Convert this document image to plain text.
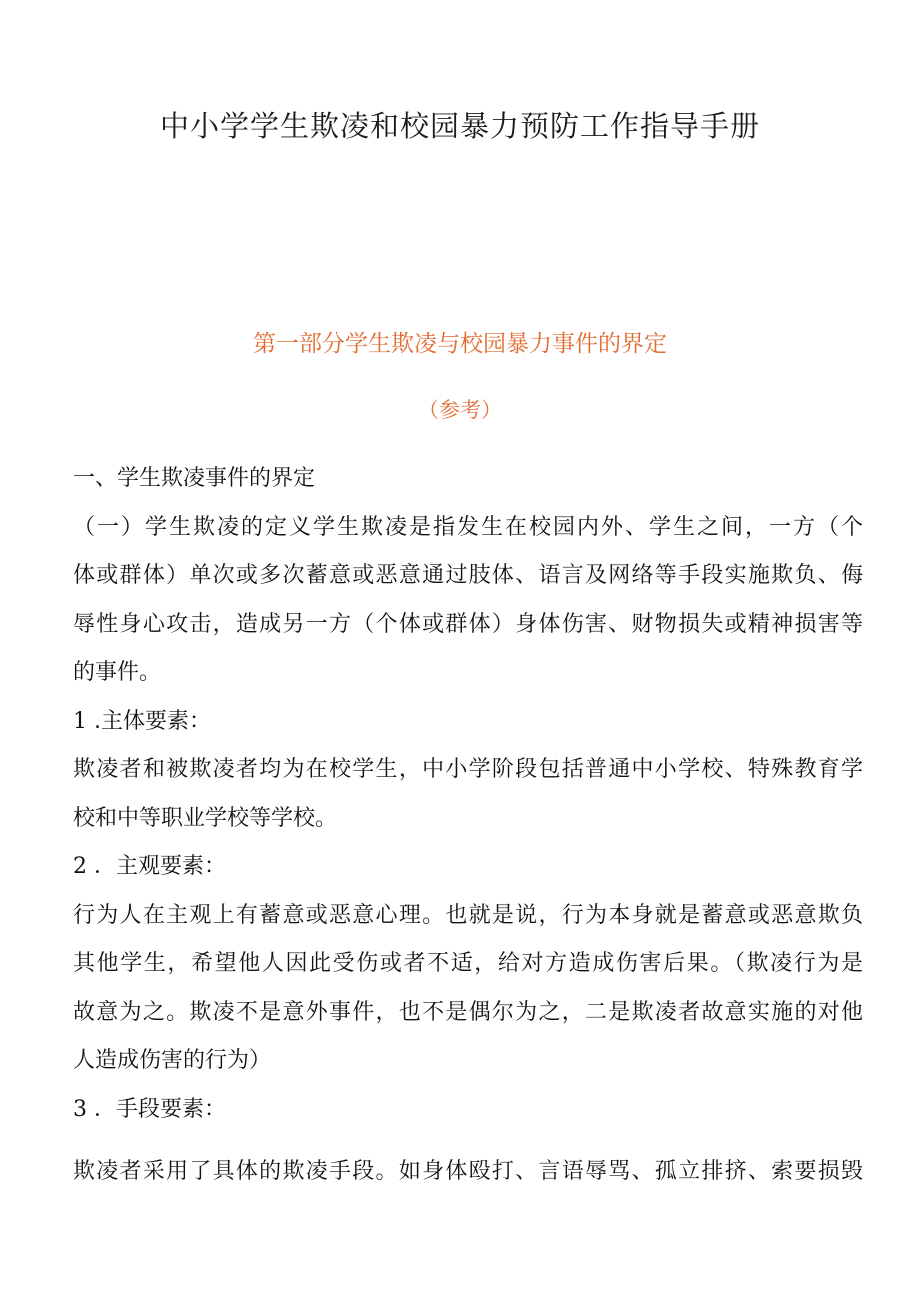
中小学学生欺凌和校园暴力预防工作指导手册
第一部分学生欺凌与校园暴力事件的界定
（参考）
一、学生欺凌事件的界定
（一）学生欺凌的定义学生欺凌是指发生在校园内外、学生之间，一方（个
体或群体）单次或多次蓄意或恶意通过肢体、语言及网络等手段实施欺负、侮
辱性身心攻击，造成另一方（个体或群体）身体伤害、财物损失或精神损害等
的事件。
1 .主体要素：
欺凌者和被欺凌者均为在校学生，中小学阶段包括普通中小学校、特殊教育学
校和中等职业学校等学校。
2 ．主观要素：
行为人在主观上有蓄意或恶意心理。也就是说，行为本身就是蓄意或恶意欺负
其他学生，希望他人因此受伤或者不适，给对方造成伤害后果。（欺凌行为是
故意为之。欺凌不是意外事件，也不是偶尔为之，二是欺凌者故意实施的对他
人造成伤害的行为）
3 ．手段要素：
欺凌者采用了具体的欺凌手段。如身体殴打、言语辱骂、孤立排挤、索要损毁
